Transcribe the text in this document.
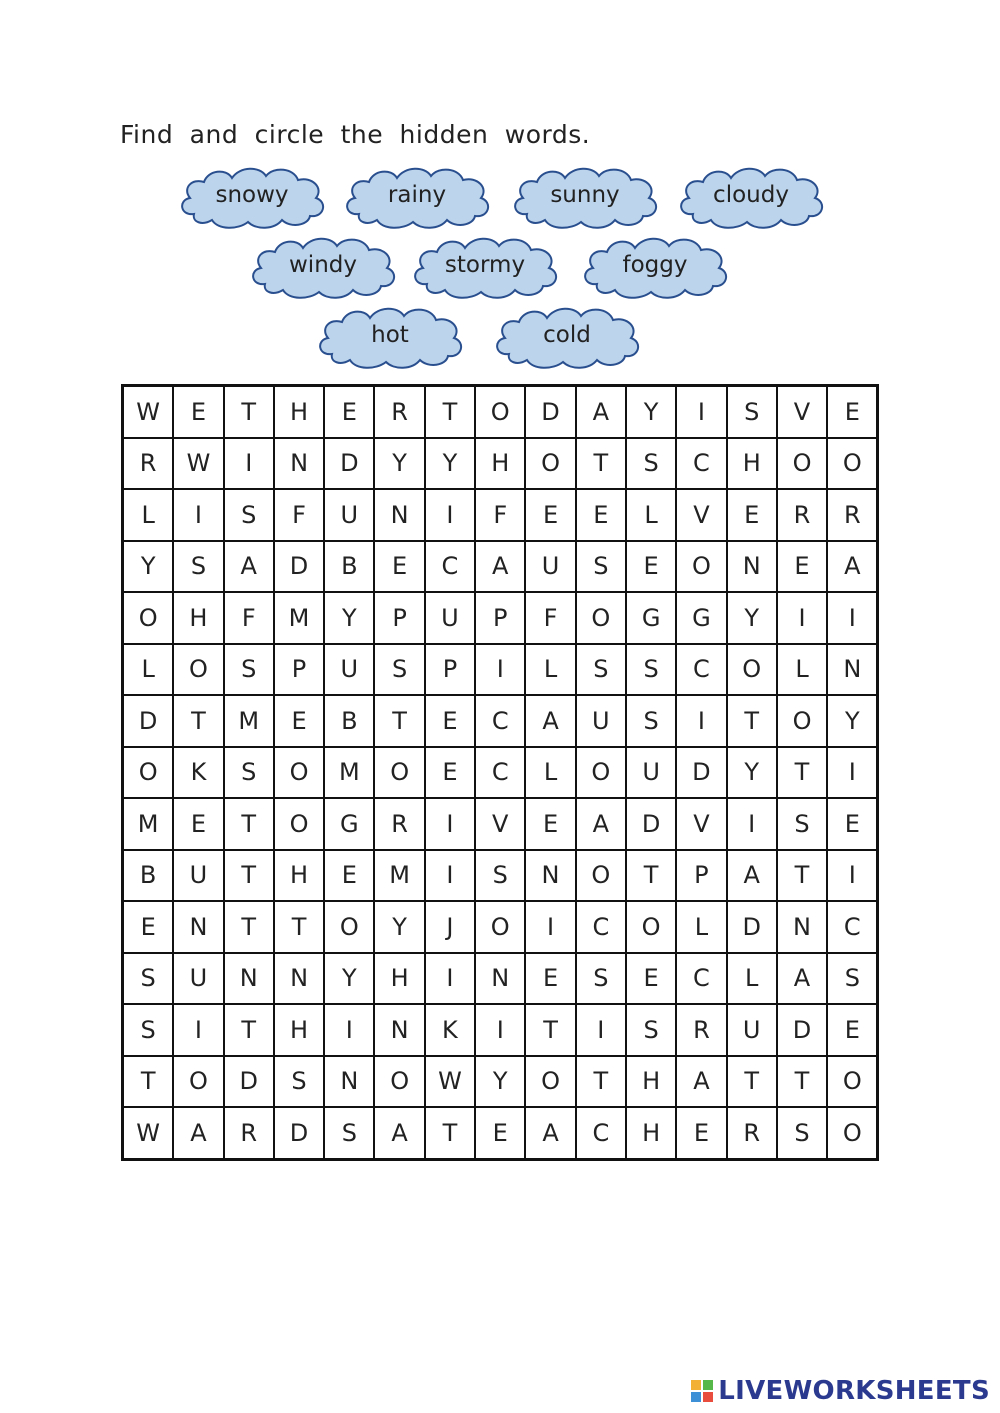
Find and circle the hidden words.
snowy	rainy	sunny	cloudy
windy	stormy	foggy
hot	cold
W	E	T	H	E	R	T	O	D	A	Y	I	S	V	E
R	W	I	N	D	Y	Y	H	O	T	S	C	H	O	O
L	I	S	F	U	N	I	F	E	E	L	V	E	R	R
Y	S	A	D	B	E	C	A	U	S	E	O	N	E	A
O	H	F	M	Y	P	U	P	F	O	G	G	Y	I	I
L	O	S	P	U	S	P	I	L	S	S	C	O	L	N
D	T	M	E	B	T	E	C	A	U	S	I	T	O	Y
O	K	S	O	M	O	E	C	L	O	U	D	Y	T	I
M	E	T	O	G	R	I	V	E	A	D	V	I	S	E
B	U	T	H	E	M	I	S	N	O	T	P	A	T	I
E	N	T	T	O	Y	J	O	I	C	O	L	D	N	C
S	U	N	N	Y	H	I	N	E	S	E	C	L	A	S
S	I	T	H	I	N	K	I	T	I	S	R	U	D	E
T	O	D	S	N	O	W	Y	O	T	H	A	T	T	O
W	A	R	D	S	A	T	E	A	C	H	E	R	S	O
LIVEWORKSHEETS
